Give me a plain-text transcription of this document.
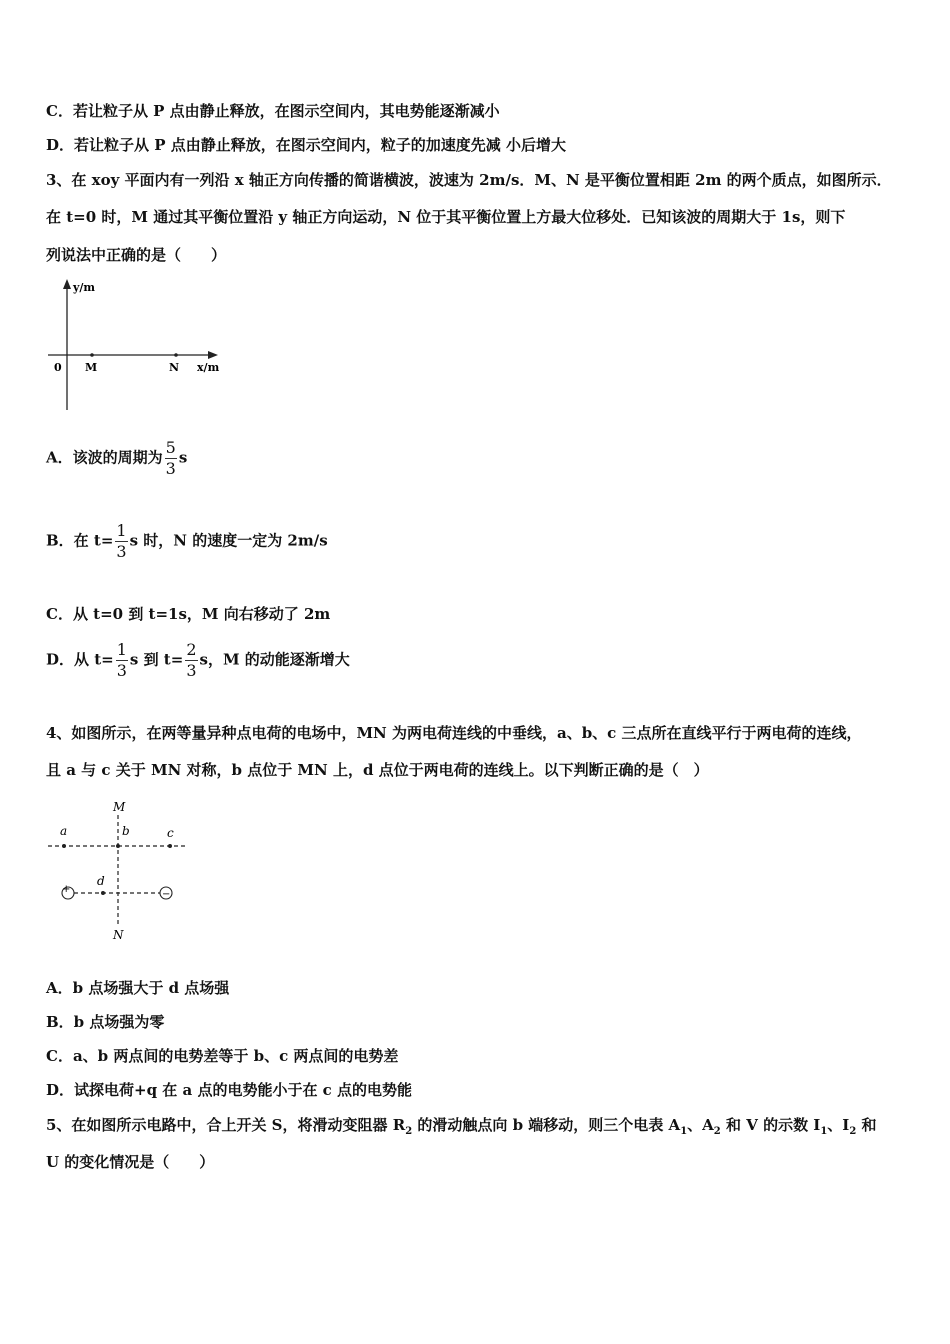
C．若让粒子从 P 点由静止释放，在图示空间内，其电势能逐渐减小
D．若让粒子从 P 点由静止释放，在图示空间内，粒子的加速度先减 小后增大
3、在 xoy 平面内有一列沿 x 轴正方向传播的简谐横波，波速为 2m/s．M、N 是平衡位置相距 2m 的两个质点，如图所示．
在 t=0 时，M 通过其平衡位置沿 y 轴正方向运动，N 位于其平衡位置上方最大位移处．已知该波的周期大于 1s，则下
列说法中正确的是（　　）
y/m
0 M	N x/m
A．该波的周期为 $\frac{5}{3}$ s
B．在 $t= \frac{1}{3}$ s 时，N 的速度一定为 2m/s
C．从 t=0 到 t=1s，M 向右移动了 2m
D．从 $t= \frac{1}{3}$ s 到 $t= \frac{2}{3}$ s，M 的动能逐渐增大
4、如图所示，在两等量异种点电荷的电场中，MN 为两电荷连线的中垂线，a、b、c 三点所在直线平行于两电荷的连线，
且 a 与 c 关于 MN 对称，b 点位于 MN 上，d 点位于两电荷的连线上。以下判断正确的是（　）
+	−
M
N
a	b	c
d
A．b 点场强大于 d 点场强
B．b 点场强为零
C．a、b 两点间的电势差等于 b、c 两点间的电势差
D．试探电荷+q 在 a 点的电势能小于在 c 点的电势能
5、在如图所示电路中，合上开关 S，将滑动变阻器 $R_2$ 的滑动触点向 b 端移动，则三个电表 $A_1$、$A_2$ 和 V 的示数 $I_1$、$I_2$ 和
U 的变化情况是（　　）
